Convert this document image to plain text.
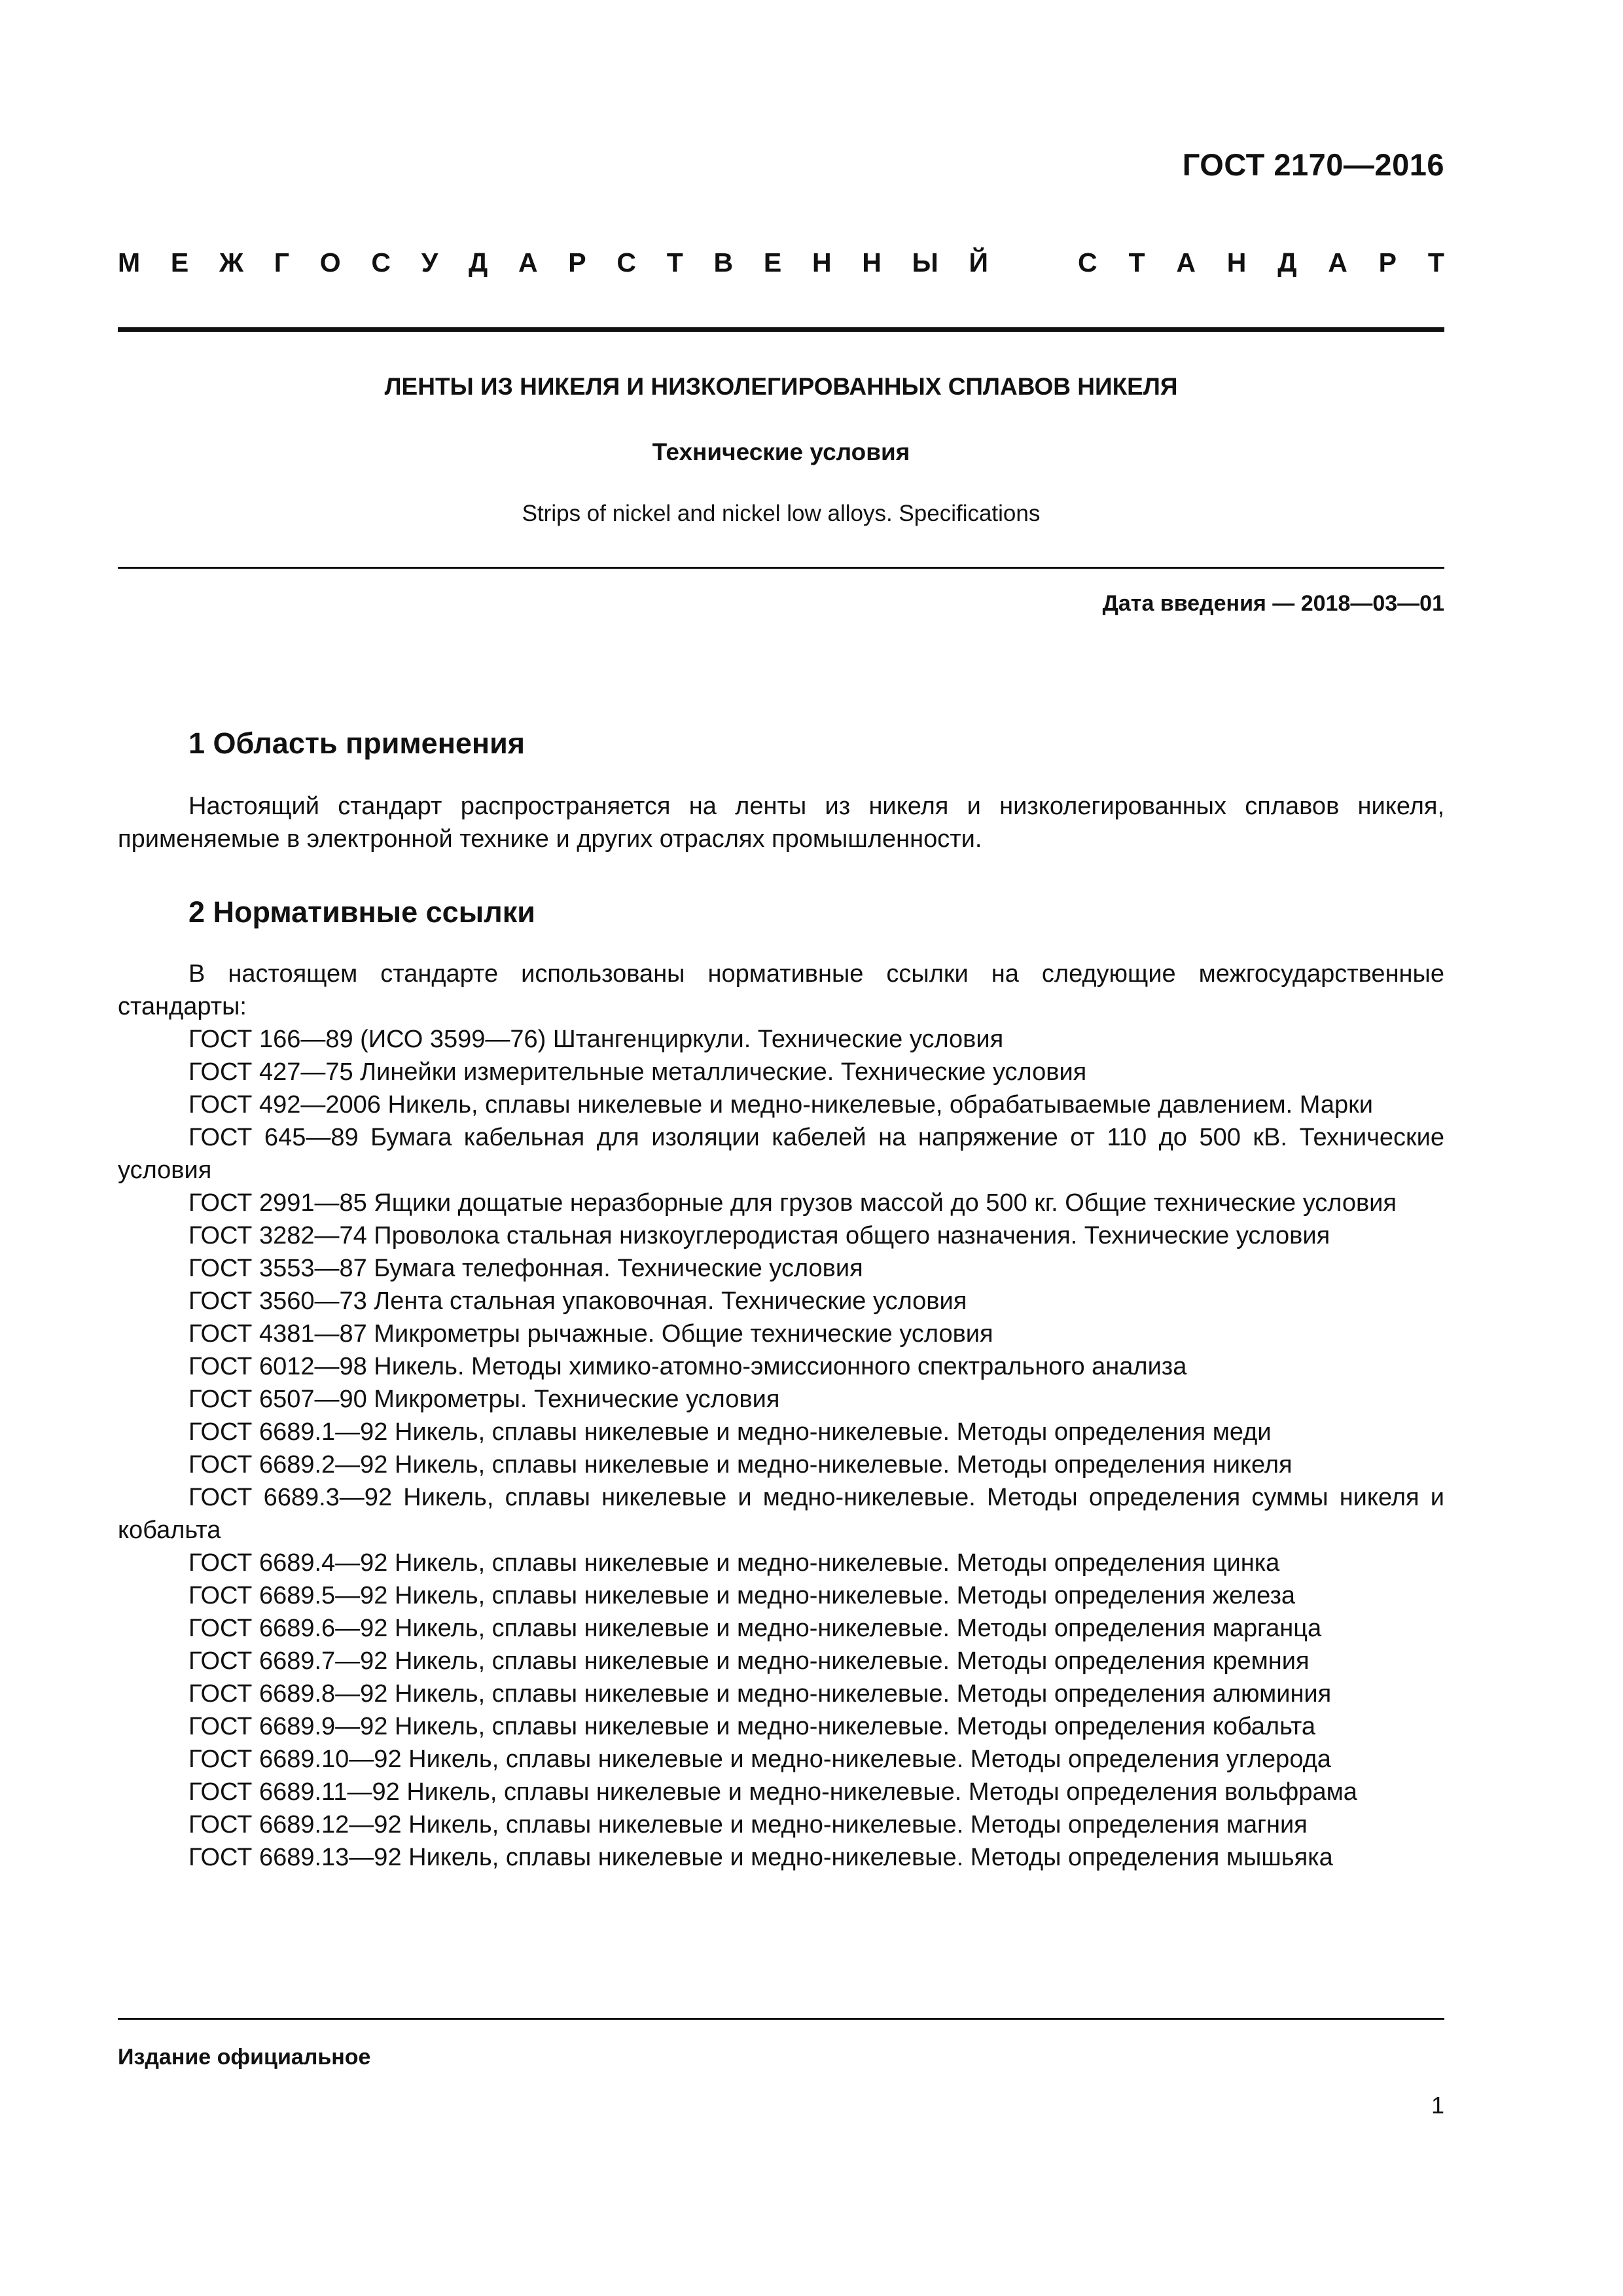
ГОСТ 2170—2016
М Е Ж Г О С У Д А Р С Т В Е Н Н Ы Й	С Т А Н Д А Р Т
ЛЕНТЫ ИЗ НИКЕЛЯ И НИЗКОЛЕГИРОВАННЫХ СПЛАВОВ НИКЕЛЯ
Технические условия
Strips of nickel and nickel low alloys. Specifications
Дата введения — 2018—03—01
1 Область применения
Настоящий стандарт распространяется на ленты из никеля и низколегированных сплавов никеля, применяемые в электронной технике и других отраслях промышленности.
2 Нормативные ссылки
В настоящем стандарте использованы нормативные ссылки на следующие межгосударственные стандарты:
ГОСТ 166—89 (ИСО 3599—76) Штангенциркули. Технические условия
ГОСТ 427—75 Линейки измерительные металлические. Технические условия
ГОСТ 492—2006 Никель, сплавы никелевые и медно-никелевые, обрабатываемые давлением. Марки
ГОСТ 645—89 Бумага кабельная для изоляции кабелей на напряжение от 110 до 500 кВ. Технические условия
ГОСТ 2991—85 Ящики дощатые неразборные для грузов массой до 500 кг. Общие технические условия
ГОСТ 3282—74 Проволока стальная низкоуглеродистая общего назначения. Технические условия
ГОСТ 3553—87 Бумага телефонная. Технические условия
ГОСТ 3560—73 Лента стальная упаковочная. Технические условия
ГОСТ 4381—87 Микрометры рычажные. Общие технические условия
ГОСТ 6012—98 Никель. Методы химико-атомно-эмиссионного спектрального анализа
ГОСТ 6507—90 Микрометры. Технические условия
ГОСТ 6689.1—92 Никель, сплавы никелевые и медно-никелевые. Методы определения меди
ГОСТ 6689.2—92 Никель, сплавы никелевые и медно-никелевые. Методы определения никеля
ГОСТ 6689.3—92 Никель, сплавы никелевые и медно-никелевые. Методы определения суммы никеля и кобальта
ГОСТ 6689.4—92 Никель, сплавы никелевые и медно-никелевые. Методы определения цинка
ГОСТ 6689.5—92 Никель, сплавы никелевые и медно-никелевые. Методы определения железа
ГОСТ 6689.6—92 Никель, сплавы никелевые и медно-никелевые. Методы определения марганца
ГОСТ 6689.7—92 Никель, сплавы никелевые и медно-никелевые. Методы определения кремния
ГОСТ 6689.8—92 Никель, сплавы никелевые и медно-никелевые. Методы определения алюминия
ГОСТ 6689.9—92 Никель, сплавы никелевые и медно-никелевые. Методы определения кобальта
ГОСТ 6689.10—92 Никель, сплавы никелевые и медно-никелевые. Методы определения углерода
ГОСТ 6689.11—92 Никель, сплавы никелевые и медно-никелевые. Методы определения вольфрама
ГОСТ 6689.12—92 Никель, сплавы никелевые и медно-никелевые. Методы определения магния
ГОСТ 6689.13—92 Никель, сплавы никелевые и медно-никелевые. Методы определения мышьяка
Издание официальное
1
